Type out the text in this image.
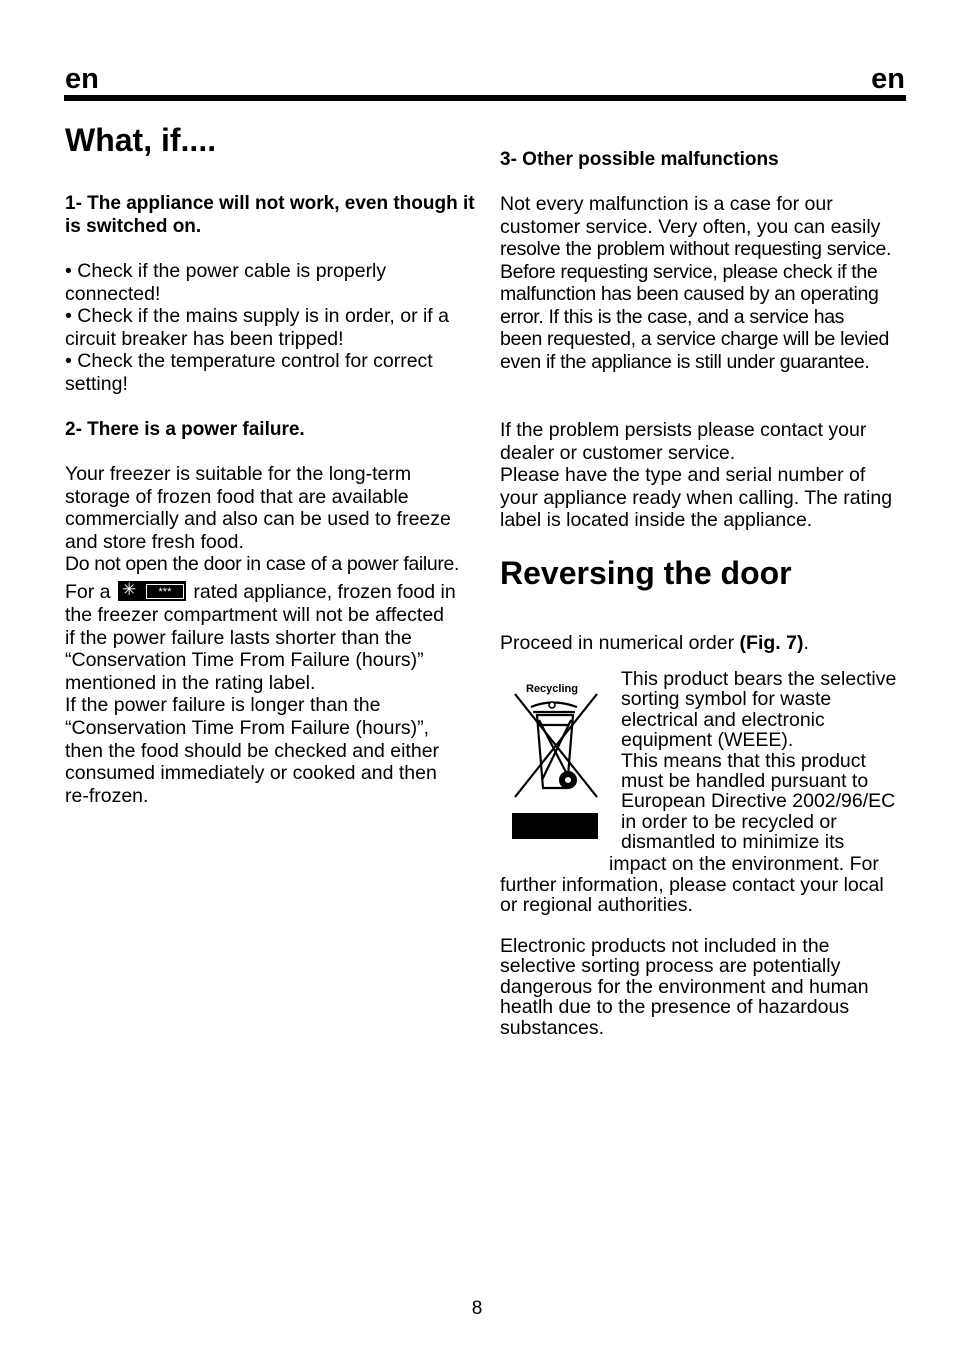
en	en
What, if....
1- The appliance will not work, even though it is switched on.
• Check if the power cable is properly
connected!
• Check if the mains supply is in order, or if a
circuit breaker has been tripped!
• Check the temperature control for correct
setting!
2- There is a power failure.
Your freezer is suitable for the long-term
storage of frozen food that are available
commercially and also can be used to freeze
and store fresh food.
Do not open the door in case of a power failure.
For a ✳	*** rated appliance, frozen food in
the freezer compartment will not be affected
if the power failure lasts shorter than the
“Conservation Time From Failure (hours)”
mentioned in the rating label.
If the power failure is longer than the
“Conservation Time From Failure (hours)”,
then the food should be checked and either
consumed immediately or cooked and then
re-frozen.
3- Other possible malfunctions
Not every malfunction is a case for our
customer service. Very often, you can easily
resolve the problem without requesting service.
Before requesting service, please check if the
malfunction has been caused by an operating
error. If this is the case, and a service has
been requested, a service charge will be levied
even if the appliance is still under guarantee.
If the problem persists please contact your
dealer or customer service.
Please have the type and serial number of
your appliance ready when calling. The rating
label is located inside the appliance.
Reversing the door

Proceed in numerical order (Fig. 7).

Recycling This product bears the selective
sorting symbol for waste
electrical and electronic
equipment (WEEE).
This means that this product
must be handled pursuant to
European Directive 2002/96/EC
in order to be recycled or
dismantled to minimize its
impact on the environment. For
further information, please contact your local
or regional authorities.
Electronic products not included in the
selective sorting process are potentially
dangerous for the environment and human
heatlh due to the presence of hazardous
substances.
8
